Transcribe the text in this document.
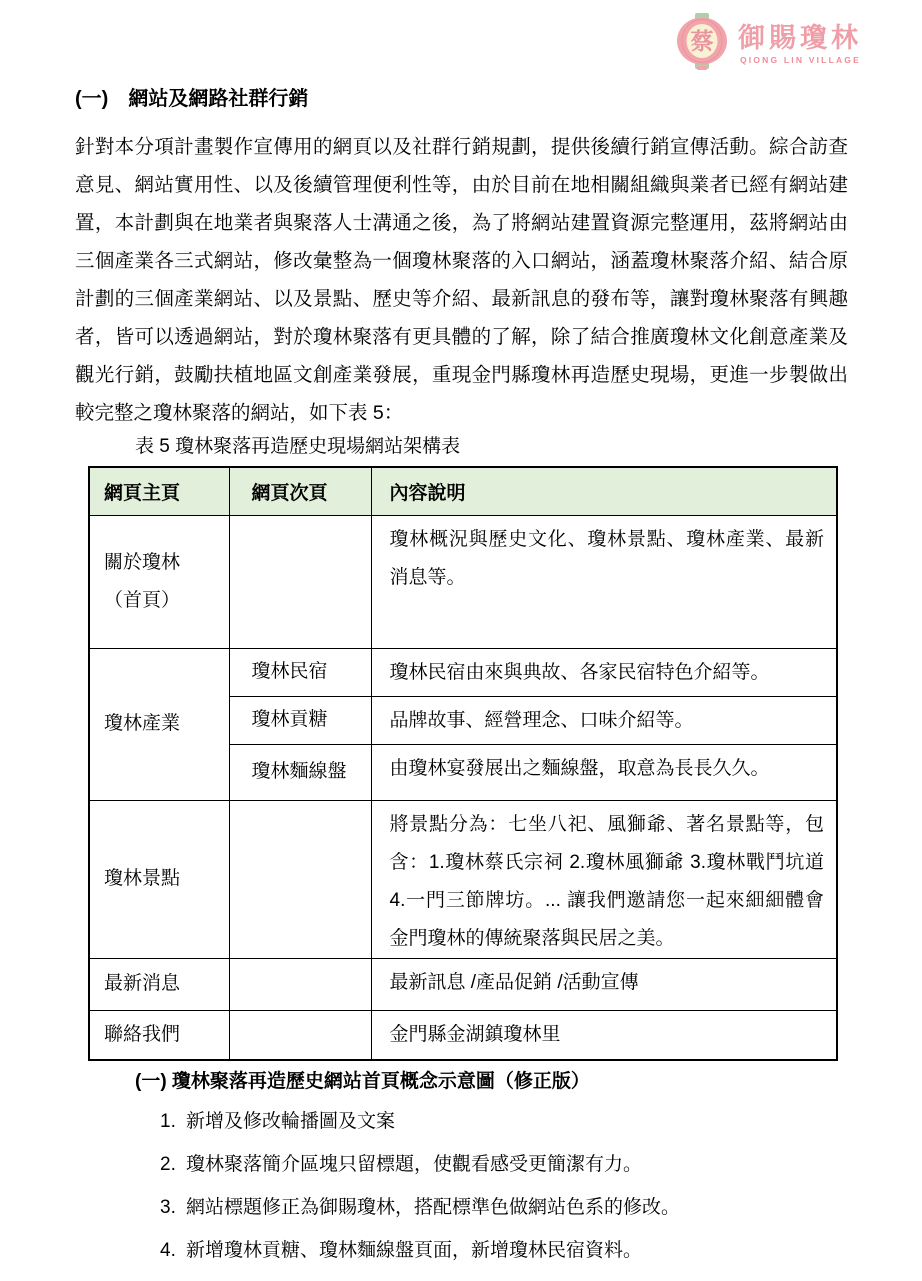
蔡 御賜瓊林
QIONG LIN VILLAGE
(一) 網站及網路社群行銷
針對本分項計畫製作宣傳用的網頁以及社群行銷規劃，提供後續行銷宣傳活動。綜合訪查意見、網站實用性、以及後續管理便利性等，由於目前在地相關組織與業者已經有網站建置，本計劃與在地業者與聚落人士溝通之後，為了將網站建置資源完整運用，茲將網站由三個產業各三式網站，修改彙整為一個瓊林聚落的入口網站，涵蓋瓊林聚落介紹、結合原計劃的三個產業網站、以及景點、歷史等介紹、最新訊息的發布等，讓對瓊林聚落有興趣者，皆可以透過網站，對於瓊林聚落有更具體的了解，除了結合推廣瓊林文化創意產業及觀光行銷，鼓勵扶植地區文創產業發展，重現金門縣瓊林再造歷史現場，更進一步製做出較完整之瓊林聚落的網站，如下表 5：
表 5 瓊林聚落再造歷史現場網站架構表
網頁主頁	網頁次頁	內容說明

關於瓊林
（首頁）		瓊林概況與歷史文化、瓊林景點、瓊林產業、最新消息等。
瓊林產業	瓊林民宿	瓊林民宿由來與典故、各家民宿特色介紹等。
	瓊林貢糖	品牌故事、經營理念、口味介紹等。
	瓊林麵線盤	由瓊林宴發展出之麵線盤，取意為長長久久。
瓊林景點		將景點分為：七坐八祀、風獅爺、著名景點等，包含：1.瓊林蔡氏宗祠 2.瓊林風獅爺 3.瓊林戰鬥坑道 4.一門三節牌坊。... 讓我們邀請您一起來細細體會金門瓊林的傳統聚落與民居之美。
最新消息		最新訊息 /產品促銷 /活動宣傳
聯絡我們		金門縣金湖鎮瓊林里
(一) 瓊林聚落再造歷史網站首頁概念示意圖（修正版）
1. 新增及修改輪播圖及文案
2. 瓊林聚落簡介區塊只留標題，使觀看感受更簡潔有力。
3. 網站標題修正為御賜瓊林，搭配標準色做網站色系的修改。
4. 新增瓊林貢糖、瓊林麵線盤頁面，新增瓊林民宿資料。
